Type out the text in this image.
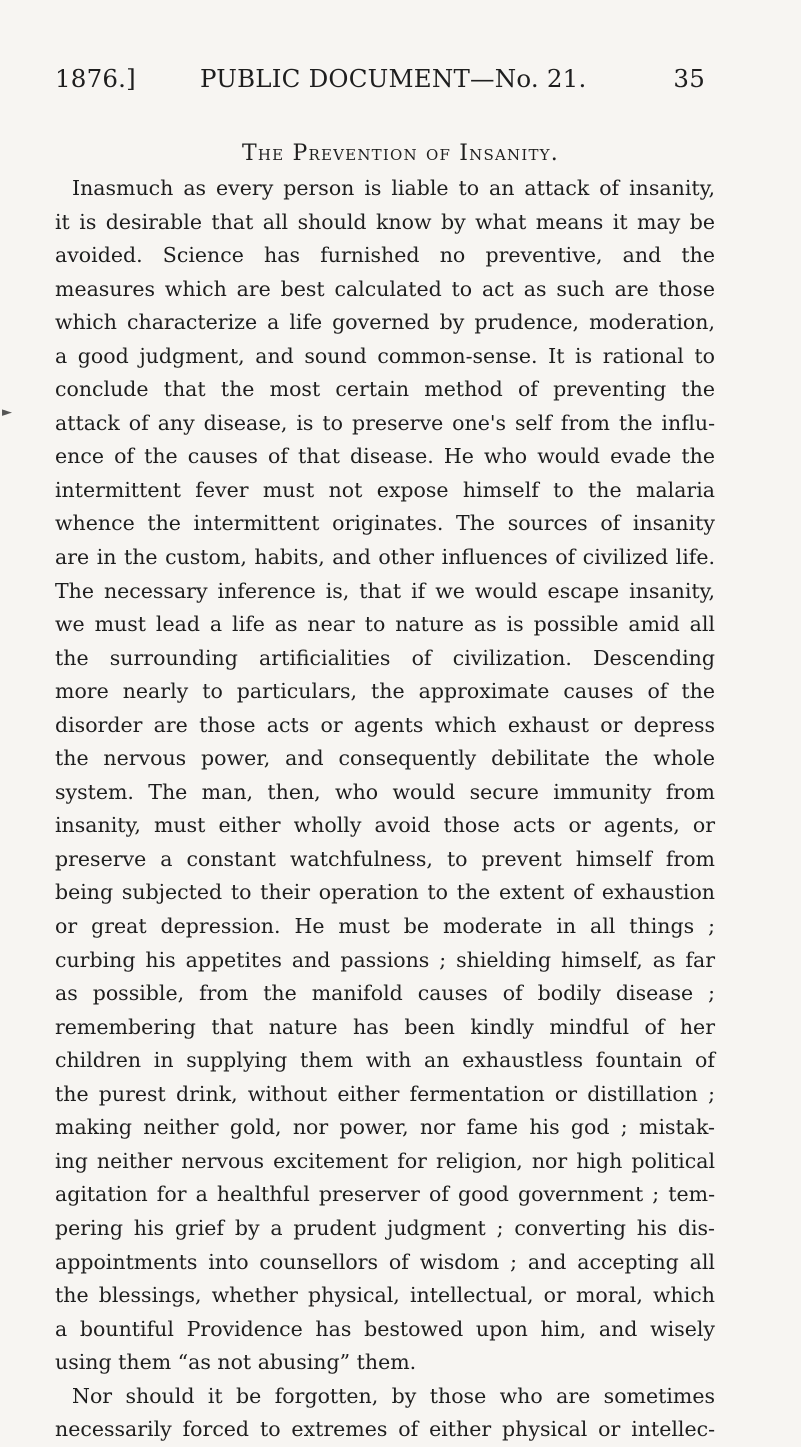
1876.]	PUBLIC DOCUMENT—No. 21.	35
The Prevention of Insanity.
►
Inasmuch as every person is liable to an attack of insanity,
it is desirable that all should know by what means it may be
avoided. Science has furnished no preventive, and the
measures which are best calculated to act as such are those
which characterize a life governed by prudence, moderation,
a good judgment, and sound common-sense. It is rational to
conclude that the most certain method of preventing the
attack of any disease, is to preserve one's self from the influ-
ence of the causes of that disease. He who would evade the
intermittent fever must not expose himself to the malaria
whence the intermittent originates. The sources of insanity
are in the custom, habits, and other influences of civilized life.
The necessary inference is, that if we would escape insanity,
we must lead a life as near to nature as is possible amid all
the surrounding artificialities of civilization. Descending
more nearly to particulars, the approximate causes of the
disorder are those acts or agents which exhaust or depress
the nervous power, and consequently debilitate the whole
system. The man, then, who would secure immunity from
insanity, must either wholly avoid those acts or agents, or
preserve a constant watchfulness, to prevent himself from
being subjected to their operation to the extent of exhaustion
or great depression. He must be moderate in all things ;
curbing his appetites and passions ; shielding himself, as far
as possible, from the manifold causes of bodily disease ;
remembering that nature has been kindly mindful of her
children in supplying them with an exhaustless fountain of
the purest drink, without either fermentation or distillation ;
making neither gold, nor power, nor fame his god ; mistak-
ing neither nervous excitement for religion, nor high political
agitation for a healthful preserver of good government ; tem-
pering his grief by a prudent judgment ; converting his dis-
appointments into counsellors of wisdom ; and accepting all
the blessings, whether physical, intellectual, or moral, which
a bountiful Providence has bestowed upon him, and wisely
using them “as not abusing” them.
Nor should it be forgotten, by those who are sometimes
necessarily forced to extremes of either physical or intellec-
